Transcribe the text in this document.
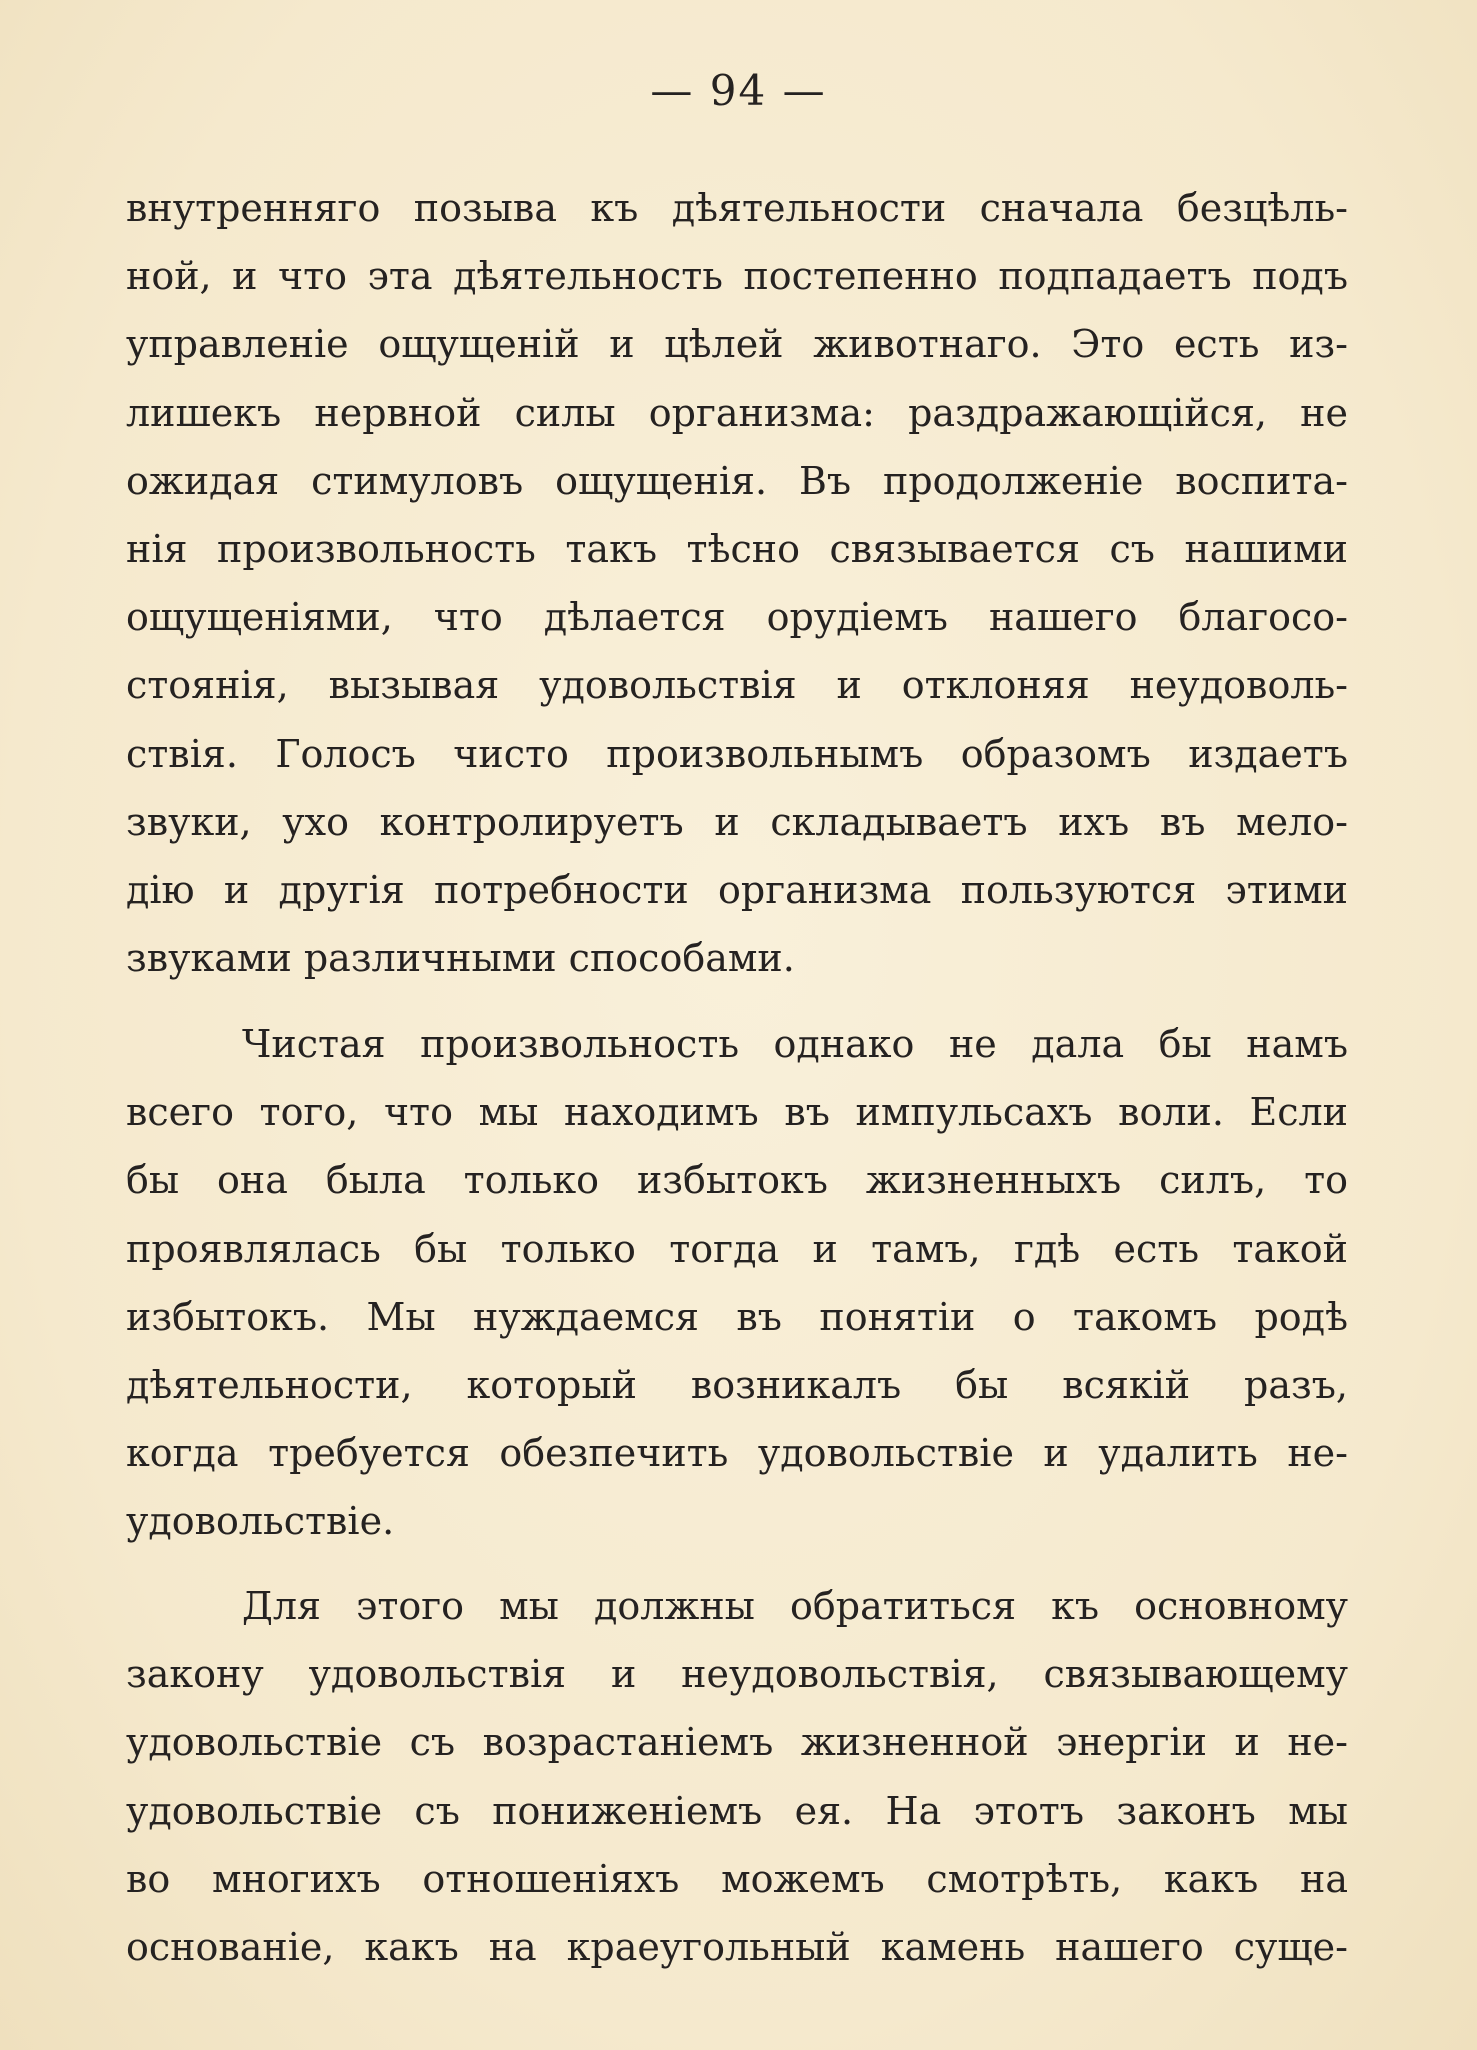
— 94 —
внутренняго позыва къ дѣятельности сначала безцѣль-
ной, и что эта дѣятельность постепенно подпадаетъ подъ
управленіе ощущеній и цѣлей животнаго. Это есть из-
лишекъ нервной силы организма: раздражающійся, не
ожидая стимуловъ ощущенія. Въ продолженіе воспита-
нія произвольность такъ тѣсно связывается съ нашими
ощущеніями, что дѣлается орудіемъ нашего благосо-
стоянія, вызывая удовольствія и отклоняя неудоволь-
ствія. Голосъ чисто произвольнымъ образомъ издаетъ
звуки, ухо контролируетъ и складываетъ ихъ въ мело-
дію и другія потребности организма пользуются этими
звуками различными способами.
Чистая произвольность однако не дала бы намъ
всего того, что мы находимъ въ импульсахъ воли. Если
бы она была только избытокъ жизненныхъ силъ, то
проявлялась бы только тогда и тамъ, гдѣ есть такой
избытокъ. Мы нуждаемся въ понятіи о такомъ родѣ
дѣятельности, который возникалъ бы всякій разъ,
когда требуется обезпечить удовольствіе и удалить не-
удовольствіе.
Для этого мы должны обратиться къ основному
закону удовольствія и неудовольствія, связывающему
удовольствіе съ возрастаніемъ жизненной энергіи и не-
удовольствіе съ пониженіемъ ея. На этотъ законъ мы
во многихъ отношеніяхъ можемъ смотрѣть, какъ на
основаніе, какъ на краеугольный камень нашего суще-
